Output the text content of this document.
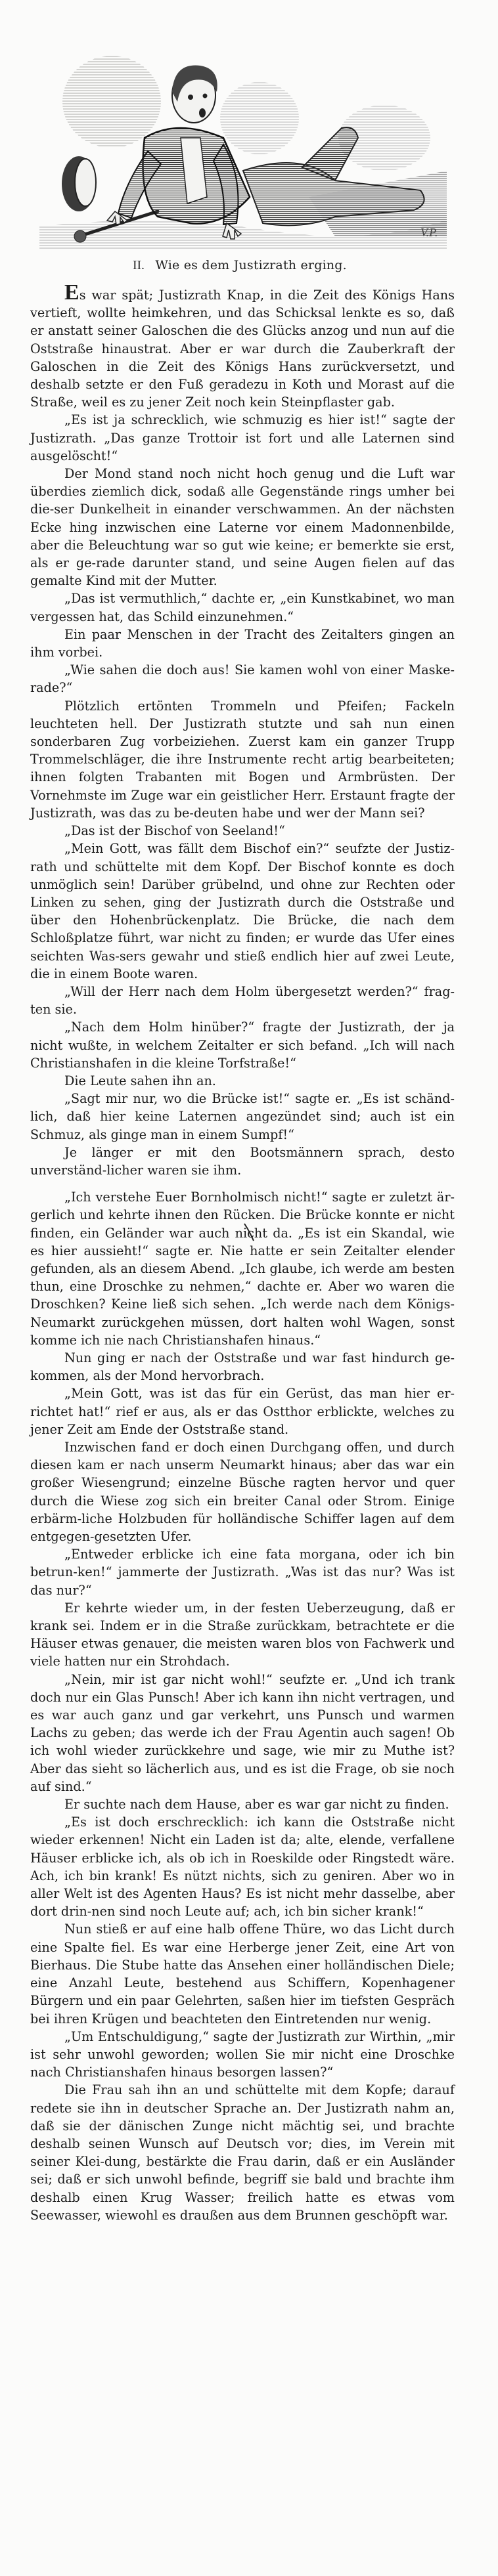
V.P.
II. Wie es dem Justizrath erging.

Es war spät; Justizrath Knap, in die Zeit des Königs Hans vertieft, wollte heimkehren, und das Schicksal lenkte es so, daß er anstatt seiner Galoschen die des Glücks anzog und nun auf die Oststraße hinaustrat. Aber er war durch die Zauberkraft der Galoschen in die Zeit des Königs Hans zurückversetzt, und deshalb setzte er den Fuß geradezu in Koth und Morast auf die Straße, weil es zu jener Zeit noch kein Steinpflaster gab.

„Es ist ja schrecklich, wie schmuzig es hier ist!“ sagte der Justizrath. „Das ganze Trottoir ist fort und alle Laternen sind ausgelöscht!“

Der Mond stand noch nicht hoch genug und die Luft war überdies ziemlich dick, sodaß alle Gegenstände rings umher bei die-ser Dunkelheit in einander verschwammen. An der nächsten Ecke hing inzwischen eine Laterne vor einem Madonnenbilde, aber die Beleuchtung war so gut wie keine; er bemerkte sie erst, als er ge-rade darunter stand, und seine Augen fielen auf das gemalte Kind mit der Mutter.

„Das ist vermuthlich,“ dachte er, „ein Kunstkabinet, wo man vergessen hat, das Schild einzunehmen.“

Ein paar Menschen in der Tracht des Zeitalters gingen an ihm vorbei.

„Wie sahen die doch aus! Sie kamen wohl von einer Maske-rade?“

Plötzlich ertönten Trommeln und Pfeifen; Fackeln leuchteten hell. Der Justizrath stutzte und sah nun einen sonderbaren Zug vorbeiziehen. Zuerst kam ein ganzer Trupp Trommelschläger, die ihre Instrumente recht artig bearbeiteten; ihnen folgten Trabanten mit Bogen und Armbrüsten. Der Vornehmste im Zuge war ein geistlicher Herr. Erstaunt fragte der Justizrath, was das zu be-deuten habe und wer der Mann sei?

„Das ist der Bischof von Seeland!“

„Mein Gott, was fällt dem Bischof ein?“ seufzte der Justiz-rath und schüttelte mit dem Kopf. Der Bischof konnte es doch unmöglich sein! Darüber grübelnd, und ohne zur Rechten oder Linken zu sehen, ging der Justizrath durch die Oststraße und über den Hohenbrückenplatz. Die Brücke, die nach dem Schloßplatze führt, war nicht zu finden; er wurde das Ufer eines seichten Was-sers gewahr und stieß endlich hier auf zwei Leute, die in einem Boote waren.

„Will der Herr nach dem Holm übergesetzt werden?“ frag-ten sie.

„Nach dem Holm hinüber?“ fragte der Justizrath, der ja nicht wußte, in welchem Zeitalter er sich befand. „Ich will nach Christianshafen in die kleine Torfstraße!“

Die Leute sahen ihn an.

„Sagt mir nur, wo die Brücke ist!“ sagte er. „Es ist schänd-lich, daß hier keine Laternen angezündet sind; auch ist ein Schmuz, als ginge man in einem Sumpf!“

Je länger er mit den Bootsmännern sprach, desto unverständ-licher waren sie ihm.

„Ich verstehe Euer Bornholmisch nicht!“ sagte er zuletzt är-gerlich und kehrte ihnen den Rücken. Die Brücke konnte er nicht finden, ein Geländer war auch nicht da. „Es ist ein Skandal, wie es hier aussieht!“ sagte er. Nie hatte er sein Zeitalter elender gefunden, als an diesem Abend. „Ich glaube, ich werde am besten thun, eine Droschke zu nehmen,“ dachte er. Aber wo waren die Droschken? Keine ließ sich sehen. „Ich werde nach dem Königs-Neumarkt zurückgehen müssen, dort halten wohl Wagen, sonst komme ich nie nach Christianshafen hinaus.“

Nun ging er nach der Oststraße und war fast hindurch ge-kommen, als der Mond hervorbrach.

„Mein Gott, was ist das für ein Gerüst, das man hier er-richtet hat!“ rief er aus, als er das Ostthor erblickte, welches zu jener Zeit am Ende der Oststraße stand.

Inzwischen fand er doch einen Durchgang offen, und durch diesen kam er nach unserm Neumarkt hinaus; aber das war ein großer Wiesengrund; einzelne Büsche ragten hervor und quer durch die Wiese zog sich ein breiter Canal oder Strom. Einige erbärm-liche Holzbuden für holländische Schiffer lagen auf dem entgegen-gesetzten Ufer.

„Entweder erblicke ich eine fata morgana, oder ich bin betrun-ken!“ jammerte der Justizrath. „Was ist das nur? Was ist das nur?“

Er kehrte wieder um, in der festen Ueberzeugung, daß er krank sei. Indem er in die Straße zurückkam, betrachtete er die Häuser etwas genauer, die meisten waren blos von Fachwerk und viele hatten nur ein Strohdach.

„Nein, mir ist gar nicht wohl!“ seufzte er. „Und ich trank doch nur ein Glas Punsch! Aber ich kann ihn nicht vertragen, und es war auch ganz und gar verkehrt, uns Punsch und warmen Lachs zu geben; das werde ich der Frau Agentin auch sagen! Ob ich wohl wieder zurückkehre und sage, wie mir zu Muthe ist? Aber das sieht so lächerlich aus, und es ist die Frage, ob sie noch auf sind.“

Er suchte nach dem Hause, aber es war gar nicht zu finden.

„Es ist doch erschrecklich: ich kann die Oststraße nicht wieder erkennen! Nicht ein Laden ist da; alte, elende, verfallene Häuser erblicke ich, als ob ich in Roeskilde oder Ringstedt wäre. Ach, ich bin krank! Es nützt nichts, sich zu geniren. Aber wo in aller Welt ist des Agenten Haus? Es ist nicht mehr dasselbe, aber dort drin-nen sind noch Leute auf; ach, ich bin sicher krank!“

Nun stieß er auf eine halb offene Thüre, wo das Licht durch eine Spalte fiel. Es war eine Herberge jener Zeit, eine Art von Bierhaus. Die Stube hatte das Ansehen einer holländischen Diele; eine Anzahl Leute, bestehend aus Schiffern, Kopenhagener Bürgern und ein paar Gelehrten, saßen hier im tiefsten Gespräch bei ihren Krügen und beachteten den Eintretenden nur wenig.

„Um Entschuldigung,“ sagte der Justizrath zur Wirthin, „mir ist sehr unwohl geworden; wollen Sie mir nicht eine Droschke nach Christianshafen hinaus besorgen lassen?“

Die Frau sah ihn an und schüttelte mit dem Kopfe; darauf redete sie ihn in deutscher Sprache an. Der Justizrath nahm an, daß sie der dänischen Zunge nicht mächtig sei, und brachte deshalb seinen Wunsch auf Deutsch vor; dies, im Verein mit seiner Klei-dung, bestärkte die Frau darin, daß er ein Ausländer sei; daß er sich unwohl befinde, begriff sie bald und brachte ihm deshalb einen Krug Wasser; freilich hatte es etwas vom Seewasser, wiewohl es draußen aus dem Brunnen geschöpft war.
